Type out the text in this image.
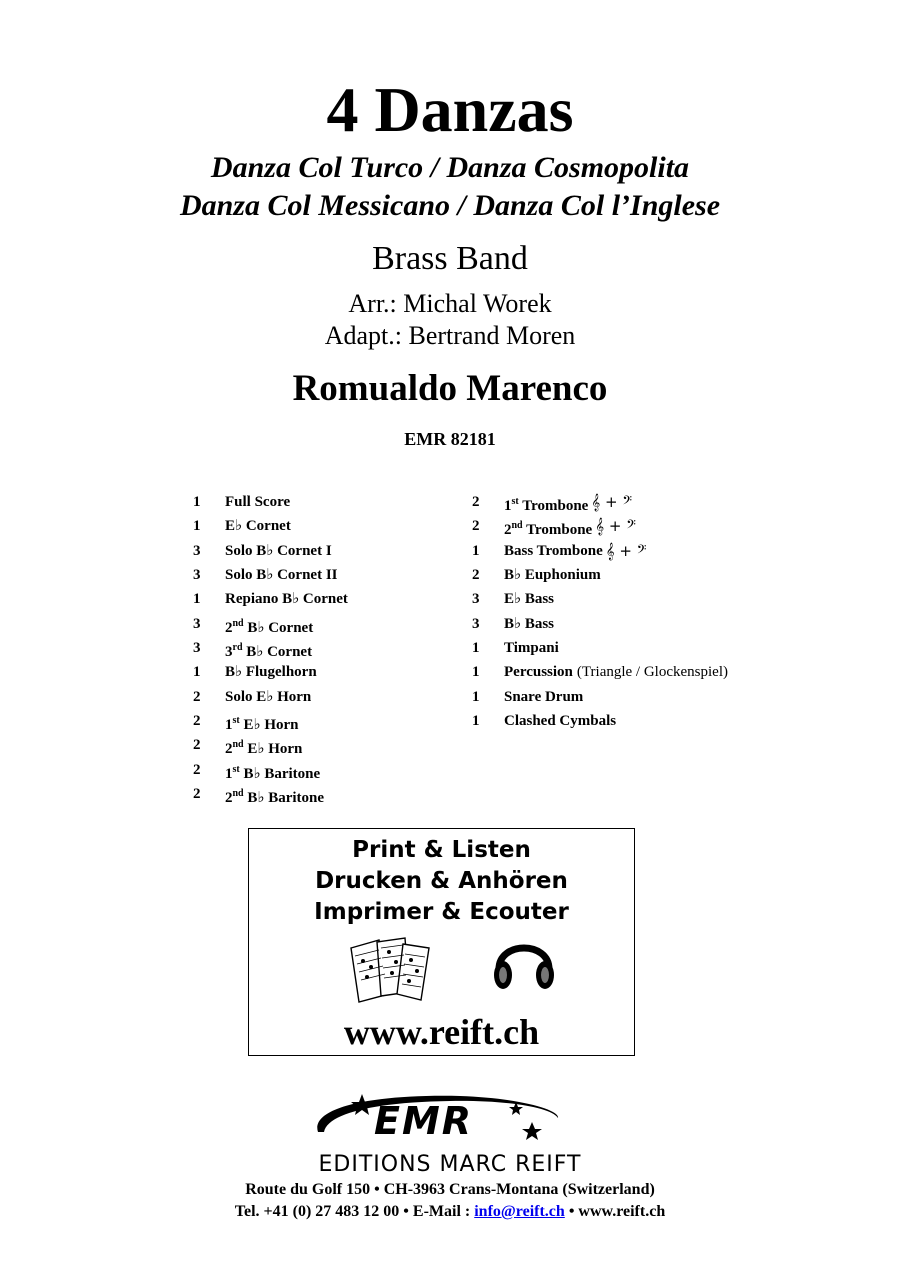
4 Danzas
Danza Col Turco / Danza Cosmopolita
Danza Col Messicano / Danza Col l’Inglese
Brass Band
Arr.: Michal Worek
Adapt.: Bertrand Moren
Romualdo Marenco
EMR 82181
1	Full Score
1	E♭ Cornet
3	Solo B♭ Cornet I
3	Solo B♭ Cornet II
1	Repiano B♭ Cornet
3	2nd B♭ Cornet
3	3rd B♭ Cornet
1	B♭ Flugelhorn
2	Solo E♭ Horn
2	1st E♭ Horn
2	2nd E♭ Horn
2	1st B♭ Baritone
2	2nd B♭ Baritone
2	1st Trombone 𝄞 + 𝄢
2	2nd Trombone 𝄞 + 𝄢
1	Bass Trombone 𝄞 + 𝄢
2	B♭ Euphonium
3	E♭ Bass
3	B♭ Bass
1	Timpani
1	Percussion (Triangle / Glockenspiel)
1	Snare Drum
1	Clashed Cymbals
Print & Listen
Drucken & Anhören
Imprimer & Ecouter
www.reift.ch
EMR
EDITIONS MARC REIFT
Route du Golf 150 • CH-3963 Crans-Montana (Switzerland)
Tel. +41 (0) 27 483 12 00 • E-Mail : info@reift.ch • www.reift.ch
